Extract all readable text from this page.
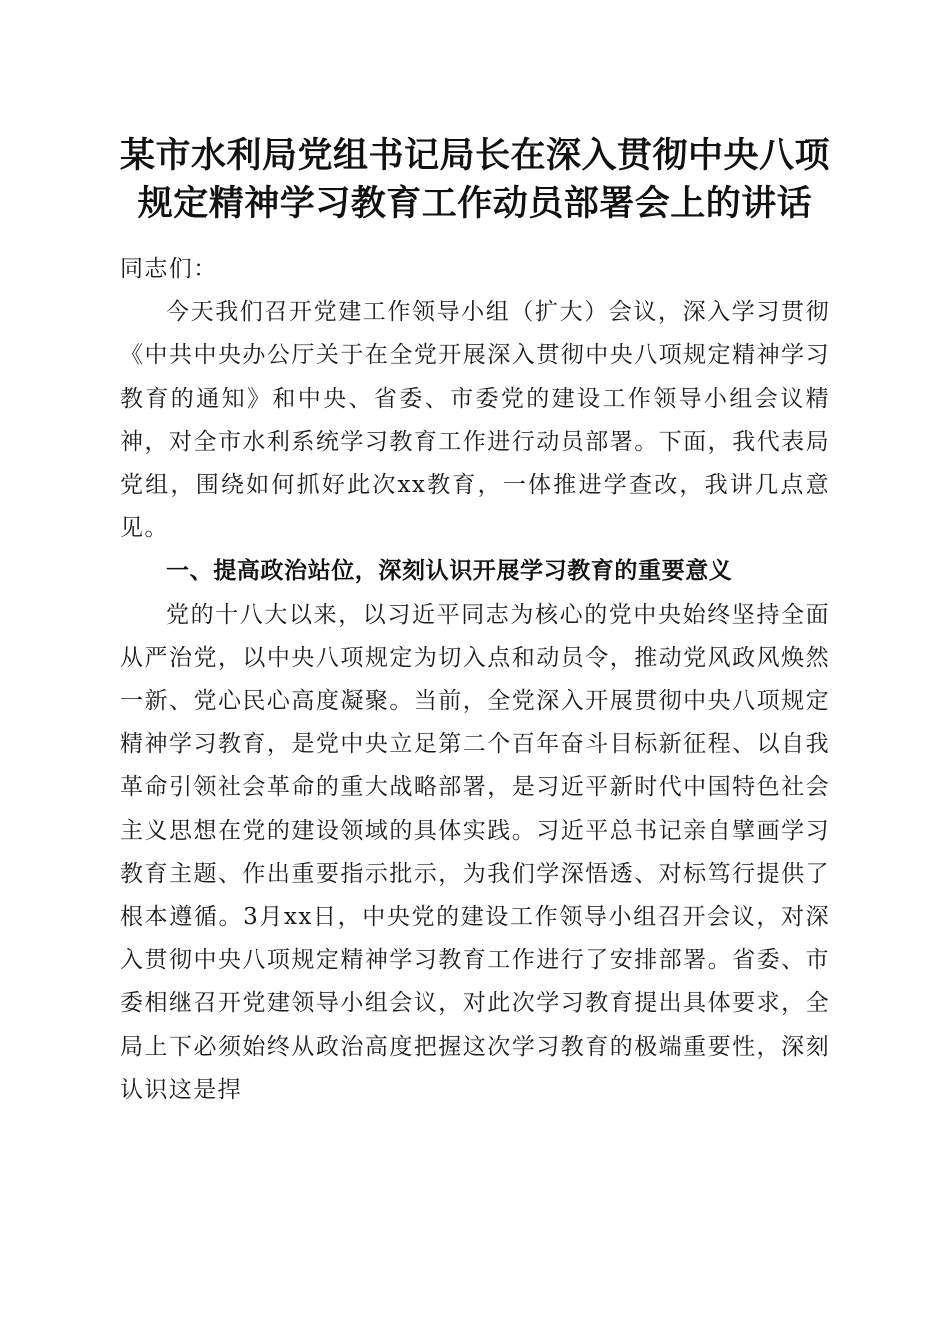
某市水利局党组书记局长在深入贯彻中央八项
规定精神学习教育工作动员部署会上的讲话

同志们：

今天我们召开党建工作领导小组（扩大）会议，深入学习贯彻《中共中央办公厅关于在全党开展深入贯彻中央八项规定精神学习教育的通知》和中央、省委、市委党的建设工作领导小组会议精神，对全市水利系统学习教育工作进行动员部署。下面，我代表局党组，围绕如何抓好此次xx教育，一体推进学查改，我讲几点意见。

一、提高政治站位，深刻认识开展学习教育的重要意义

党的十八大以来，以习近平同志为核心的党中央始终坚持全面从严治党，以中央八项规定为切入点和动员令，推动党风政风焕然一新、党心民心高度凝聚。当前，全党深入开展贯彻中央八项规定精神学习教育，是党中央立足第二个百年奋斗目标新征程、以自我革命引领社会革命的重大战略部署，是习近平新时代中国特色社会主义思想在党的建设领域的具体实践。习近平总书记亲自擘画学习教育主题、作出重要指示批示，为我们学深悟透、对标笃行提供了根本遵循。3月xx日，中央党的建设工作领导小组召开会议，对深入贯彻中央八项规定精神学习教育工作进行了安排部署。省委、市委相继召开党建领导小组会议，对此次学习教育提出具体要求，全局上下必须始终从政治高度把握这次学习教育的极端重要性，深刻认识这是捍
